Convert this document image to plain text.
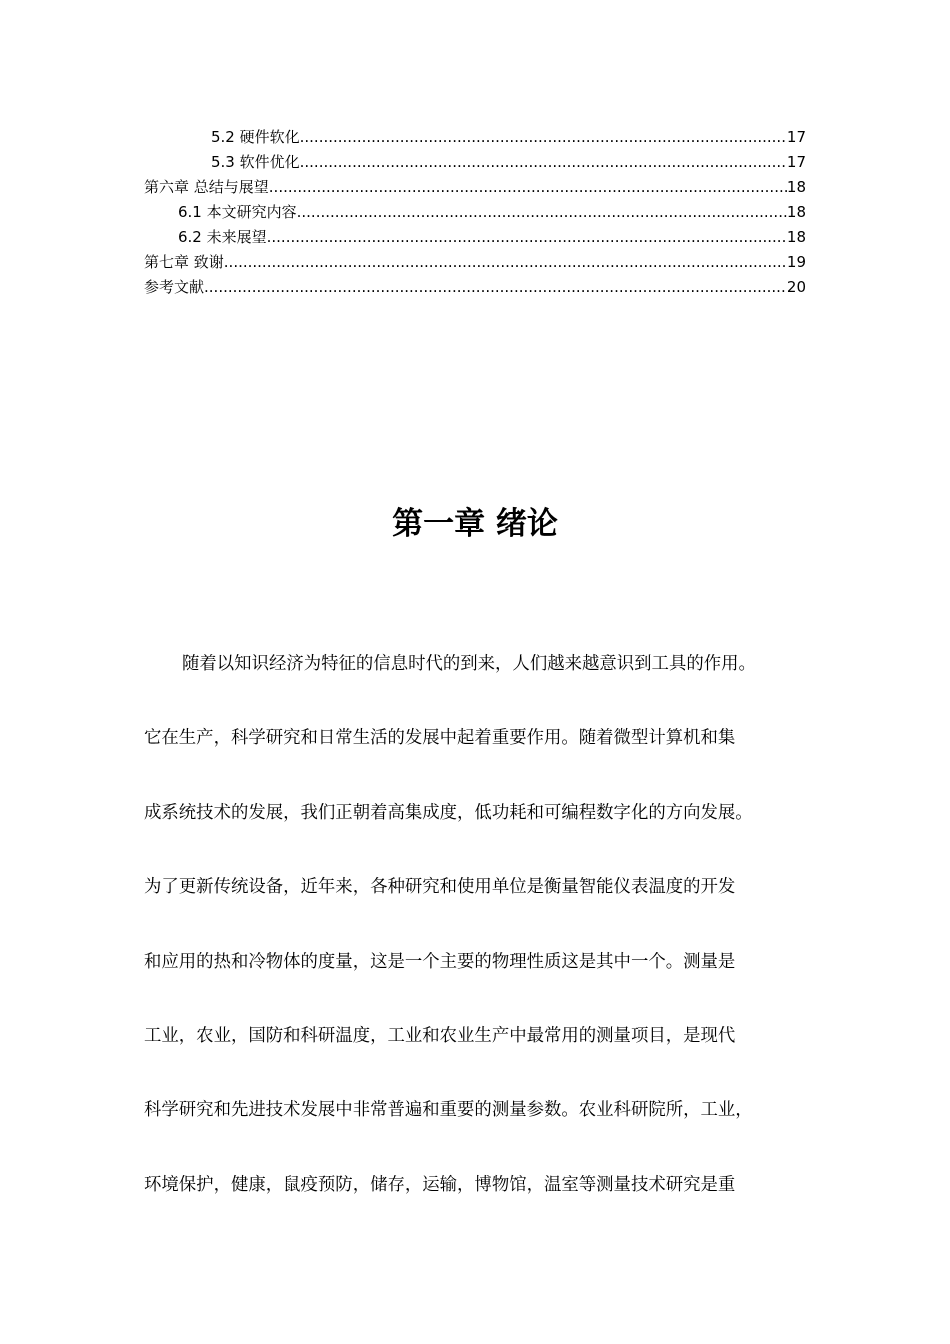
5.2 硬件软化 .....	17
5.3 软件优化 .....	17
第六章 总结与展望 .....	18
6.1 本文研究内容 .....	18
6.2 未来展望 .....	18
第七章 致谢 .....	19
参考文献 .....	20
第一章 绪论

随着以知识经济为特征的信息时代的到来，人们越来越意识到工具的作用。

它在生产，科学研究和日常生活的发展中起着重要作用。随着微型计算机和集

成系统技术的发展，我们正朝着高集成度，低功耗和可编程数字化的方向发展。

为了更新传统设备，近年来，各种研究和使用单位是衡量智能仪表温度的开发

和应用的热和冷物体的度量，这是一个主要的物理性质这是其中一个。测量是

工业，农业，国防和科研温度，工业和农业生产中最常用的测量项目，是现代

科学研究和先进技术发展中非常普遍和重要的测量参数。农业科研院所，工业，

环境保护，健康，鼠疫预防，储存，运输，博物馆，温室等测量技术研究是重
